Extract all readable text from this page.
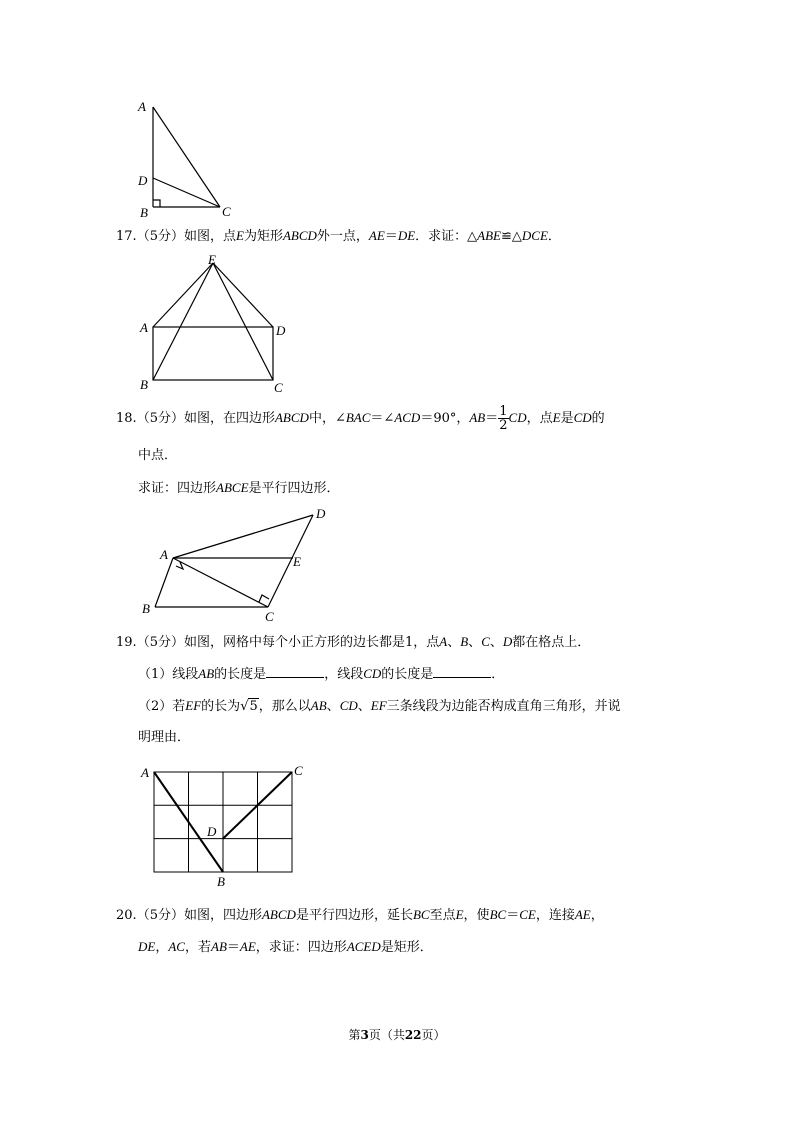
A
D
B	C
17.（5分）如图，点E为矩形ABCD外一点，AE＝DE．求证：△ABE≌△DCE．
E
A	D
B	C
18.（5分）如图，在四边形ABCD中，∠BAC＝∠ACD＝90°，$AB= \frac{1}{2}$ CD，点E是CD的
中点．
求证：四边形ABCE是平行四边形．
D
A	E
B
C
19.（5分）如图，网格中每个小正方形的边长都是1，点A、B、C、D都在格点上．
（1）线段AB的长度是	，线段CD的长度是	．
（2）若EF的长为√5，那么以AB、CD、EF三条线段为边能否构成直角三角形，并说
明理由．
A	C
D
B
20.（5分）如图，四边形ABCD是平行四边形，延长BC至点E，使BC＝CE，连接AE，
DE，AC，若AB＝AE，求证：四边形ACED是矩形．
第3页（共22页）
